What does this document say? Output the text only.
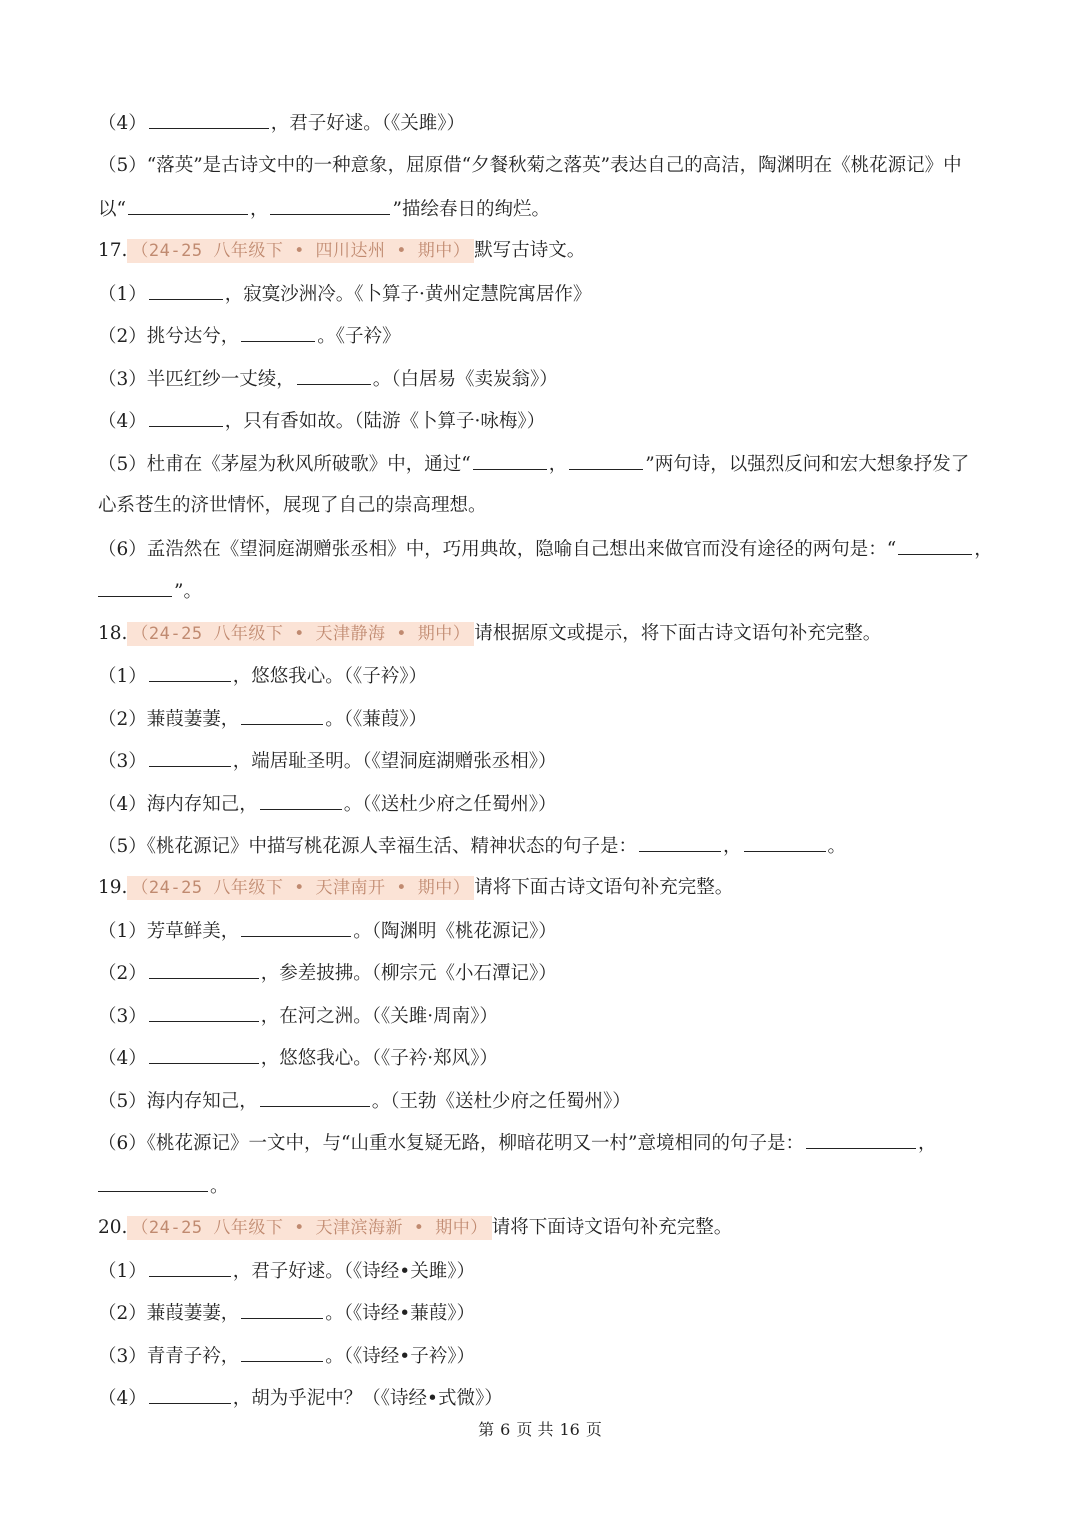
（4）	，君子好逑。（《关雎》）
（5）“落英”是古诗文中的一种意象，屈原借“夕餐秋菊之落英”表达自己的高洁，陶渊明在《桃花源记》中
以“	，	”描绘春日的绚烂。
17. （24-25 八年级下 • 四川达州 • 期中） 默写古诗文。
（1）	，寂寞沙洲冷。《卜算子·黄州定慧院寓居作》
（2）挑兮达兮，	。《子衿》
（3）半匹红纱一丈绫，	。（白居易《卖炭翁》）
（4）	，只有香如故。（陆游《卜算子·咏梅》）
（5）杜甫在《茅屋为秋风所破歌》中，通过“	，	”两句诗，以强烈反问和宏大想象抒发了
心系苍生的济世情怀，展现了自己的崇高理想。
（6）孟浩然在《望洞庭湖赠张丞相》中，巧用典故，隐喻自己想出来做官而没有途径的两句是：“	，
”。
18. （24-25 八年级下 • 天津静海 • 期中） 请根据原文或提示，将下面古诗文语句补充完整。
（1）	，悠悠我心。（《子衿》）
（2）蒹葭萋萋，	。（《蒹葭》）
（3）	，端居耻圣明。（《望洞庭湖赠张丞相》）
（4）海内存知己，	。（《送杜少府之任蜀州》）
（5）《桃花源记》中描写桃花源人幸福生活、精神状态的句子是：	，	。
19. （24-25 八年级下 • 天津南开 • 期中） 请将下面古诗文语句补充完整。
（1）芳草鲜美，	。（陶渊明《桃花源记》）
（2）	，参差披拂。（柳宗元《小石潭记》）
（3）	，在河之洲。（《关雎·周南》）
（4）	，悠悠我心。（《子衿·郑风》）
（5）海内存知己，	。（王勃《送杜少府之任蜀州》）
（6）《桃花源记》一文中，与“山重水复疑无路，柳暗花明又一村”意境相同的句子是：	，
。
20. （24-25 八年级下 • 天津滨海新 • 期中） 请将下面诗文语句补充完整。
（1）	，君子好逑。（《诗经•关雎》）
（2）蒹葭萋萋，	。（《诗经•蒹葭》）
（3）青青子衿，	。（《诗经•子衿》）
（4）	，胡为乎泥中？（《诗经•式微》）
第 6 页 共 16 页
